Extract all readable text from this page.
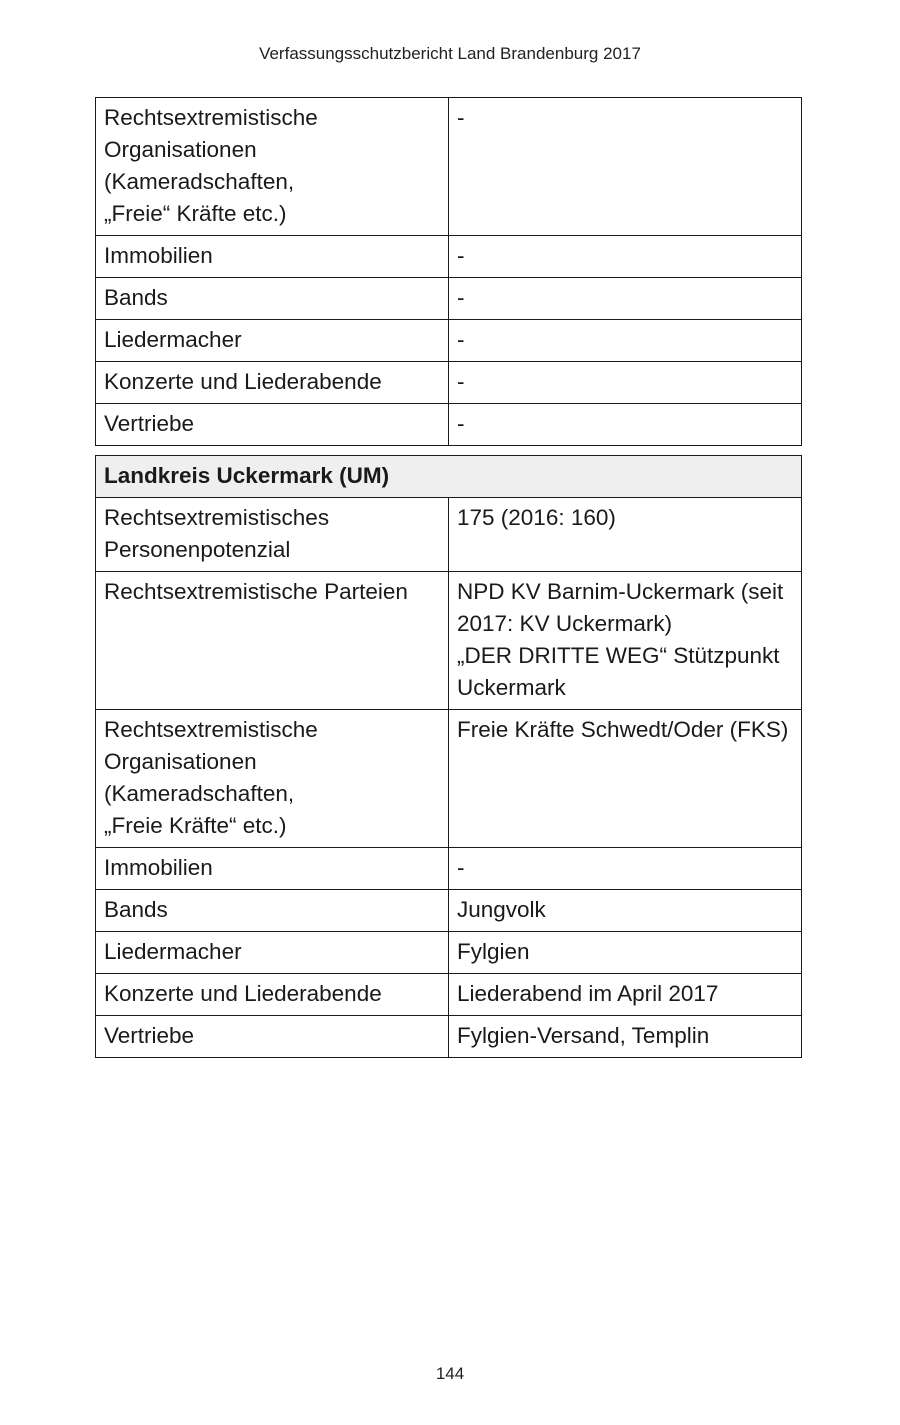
Verfassungsschutzbericht Land Brandenburg 2017
Rechtsextremistische
Organisationen (Kameradschaften,
„Freie“ Kräfte etc.)	-
Immobilien	-
Bands	-
Liedermacher	-
Konzerte und Liederabende	-
Vertriebe	-
Landkreis Uckermark (UM)	
Rechtsextremistisches
Personenpotenzial	175 (2016: 160)
Rechtsextremistische Parteien	NPD KV Barnim-Uckermark (seit
2017: KV Uckermark)
„DER DRITTE WEG“ Stützpunkt
Uckermark
Rechtsextremistische
Organisationen (Kameradschaften,
„Freie Kräfte“ etc.)	Freie Kräfte Schwedt/Oder (FKS)
Immobilien	-
Bands	Jungvolk
Liedermacher	Fylgien
Konzerte und Liederabende	Liederabend im April 2017
Vertriebe	Fylgien-Versand, Templin
144
